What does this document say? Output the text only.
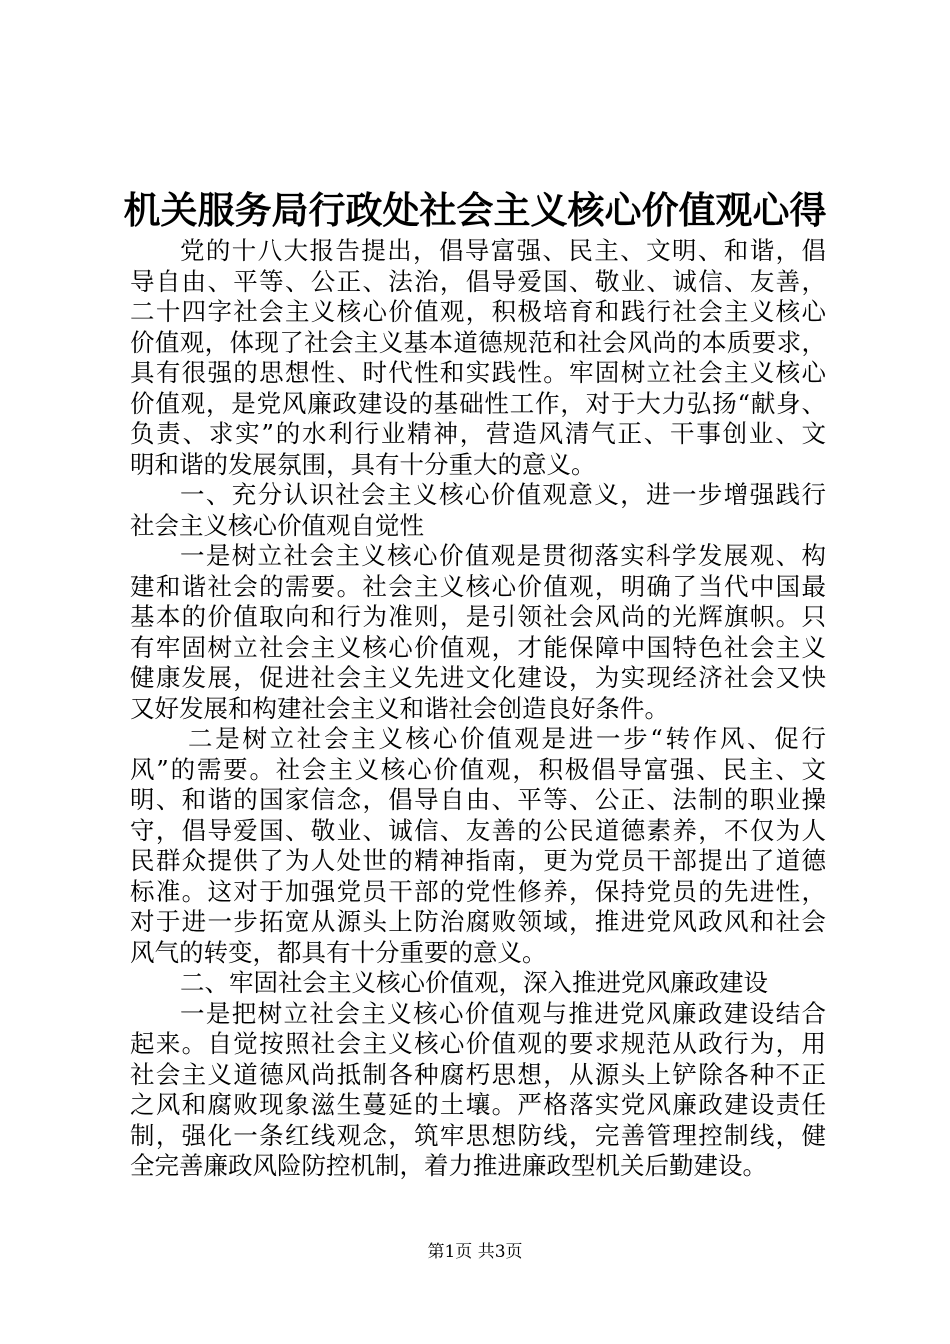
机关服务局行政处社会主义核心价值观心得
党的十八大报告提出，倡导富强、民主、文明、和谐，倡
导自由、平等、公正、法治，倡导爱国、敬业、诚信、友善，
二十四字社会主义核心价值观，积极培育和践行社会主义核心
价值观，体现了社会主义基本道德规范和社会风尚的本质要求，
具有很强的思想性、时代性和实践性。牢固树立社会主义核心
价值观，是党风廉政建设的基础性工作，对于大力弘扬“献身、
负责、求实”的水利行业精神，营造风清气正、干事创业、文
明和谐的发展氛围，具有十分重大的意义。
一、充分认识社会主义核心价值观意义，进一步增强践行
社会主义核心价值观自觉性
一是树立社会主义核心价值观是贯彻落实科学发展观、构
建和谐社会的需要。社会主义核心价值观，明确了当代中国最
基本的价值取向和行为准则，是引领社会风尚的光辉旗帜。只
有牢固树立社会主义核心价值观，才能保障中国特色社会主义
健康发展，促进社会主义先进文化建设，为实现经济社会又快
又好发展和构建社会主义和谐社会创造良好条件。
二是树立社会主义核心价值观是进一步“转作风、促行
风”的需要。社会主义核心价值观，积极倡导富强、民主、文
明、和谐的国家信念，倡导自由、平等、公正、法制的职业操
守，倡导爱国、敬业、诚信、友善的公民道德素养，不仅为人
民群众提供了为人处世的精神指南，更为党员干部提出了道德
标准。这对于加强党员干部的党性修养，保持党员的先进性，
对于进一步拓宽从源头上防治腐败领域，推进党风政风和社会
风气的转变，都具有十分重要的意义。
二、牢固社会主义核心价值观，深入推进党风廉政建设
一是把树立社会主义核心价值观与推进党风廉政建设结合
起来。自觉按照社会主义核心价值观的要求规范从政行为，用
社会主义道德风尚抵制各种腐朽思想，从源头上铲除各种不正
之风和腐败现象滋生蔓延的土壤。严格落实党风廉政建设责任
制，强化一条红线观念，筑牢思想防线，完善管理控制线，健
全完善廉政风险防控机制，着力推进廉政型机关后勤建设。
第1页 共3页
